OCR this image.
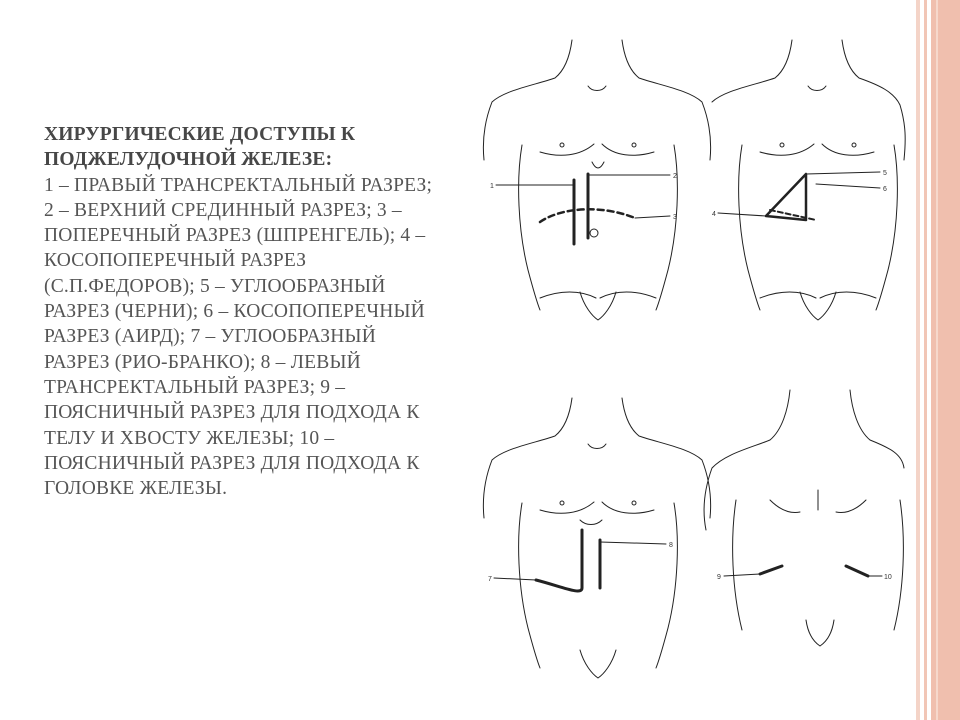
ХИРУРГИЧЕСКИЕ ДОСТУПЫ К ПОДЖЕЛУДОЧНОЙ ЖЕЛЕЗЕ:
1 – ПРАВЫЙ ТРАНСРЕКТАЛЬНЫЙ РАЗРЕЗ; 2 – ВЕРХНИЙ СРЕДИННЫЙ РАЗРЕЗ; 3 – ПОПЕРЕЧНЫЙ РАЗРЕЗ (ШПРЕНГЕЛЬ); 4 – КОСОПОПЕРЕЧНЫЙ РАЗРЕЗ (С.П.ФЕДОРОВ); 5 – УГЛООБРАЗНЫЙ РАЗРЕЗ (ЧЕРНИ); 6 – КОСОПОПЕРЕЧНЫЙ РАЗРЕЗ (АИРД); 7 – УГЛООБРАЗНЫЙ РАЗРЕЗ (РИО-БРАНКО); 8 – ЛЕВЫЙ ТРАНСРЕКТАЛЬНЫЙ РАЗРЕЗ; 9 – ПОЯСНИЧНЫЙ РАЗРЕЗ ДЛЯ ПОДХОДА К ТЕЛУ И ХВОСТУ ЖЕЛЕЗЫ; 10 – ПОЯСНИЧНЫЙ РАЗРЕЗ ДЛЯ ПОДХОДА К ГОЛОВКЕ ЖЕЛЕЗЫ.
1
2
3	4
5
6
7
8
9	10
